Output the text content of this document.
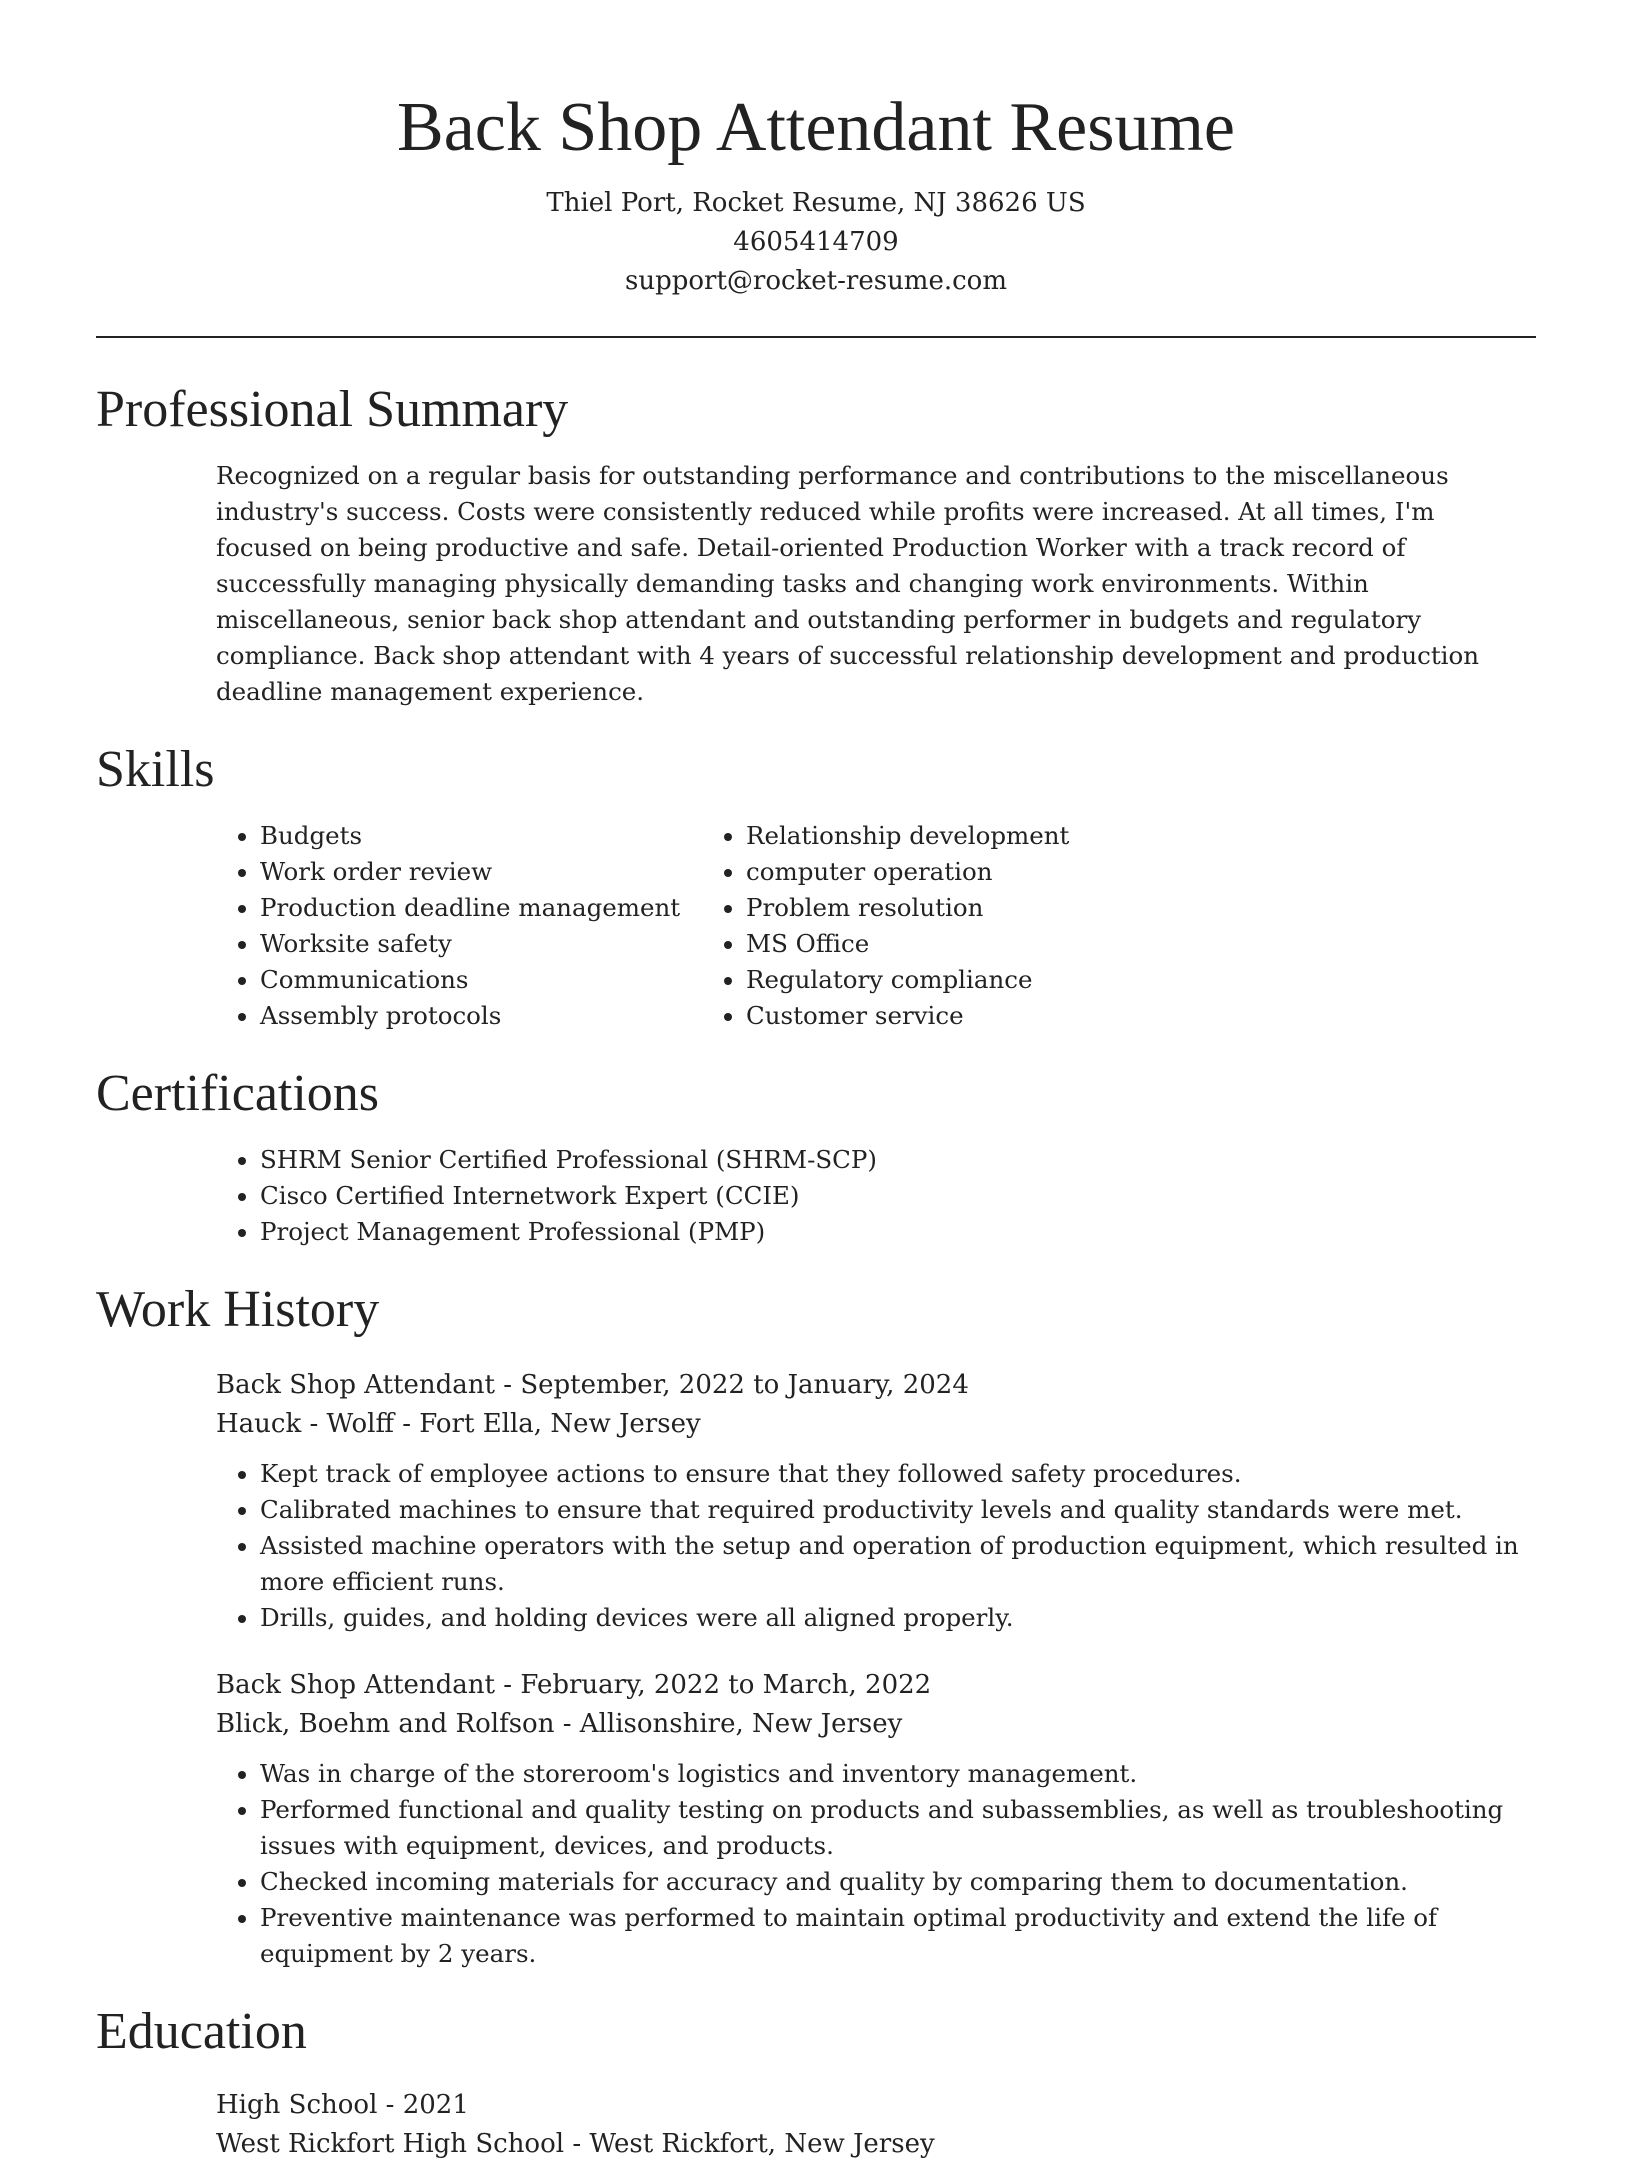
Back Shop Attendant Resume
Thiel Port, Rocket Resume, NJ 38626 US
4605414709
support@rocket-resume.com
Professional Summary

Recognized on a regular basis for outstanding performance and contributions to the miscellaneous industry's success. Costs were consistently reduced while profits were increased. At all times, I'm focused on being productive and safe. Detail-oriented Production Worker with a track record of successfully managing physically demanding tasks and changing work environments. Within miscellaneous, senior back shop attendant and outstanding performer in budgets and regulatory compliance. Back shop attendant with 4 years of successful relationship development and production deadline management experience.

Skills
• Budgets
• Work order review
• Production deadline management
• Worksite safety
• Communications
• Assembly protocols
• Relationship development
• computer operation
• Problem resolution
• MS Office
• Regulatory compliance
• Customer service
Certifications
• SHRM Senior Certified Professional (SHRM-SCP)
• Cisco Certified Internetwork Expert (CCIE)
• Project Management Professional (PMP)
Work History
Back Shop Attendant - September, 2022 to January, 2024
Hauck - Wolff - Fort Ella, New Jersey
• Kept track of employee actions to ensure that they followed safety procedures.
• Calibrated machines to ensure that required productivity levels and quality standards were met.
• Assisted machine operators with the setup and operation of production equipment, which resulted in more efficient runs.
• Drills, guides, and holding devices were all aligned properly.
Back Shop Attendant - February, 2022 to March, 2022
Blick, Boehm and Rolfson - Allisonshire, New Jersey
• Was in charge of the storeroom's logistics and inventory management.
• Performed functional and quality testing on products and subassemblies, as well as troubleshooting issues with equipment, devices, and products.
• Checked incoming materials for accuracy and quality by comparing them to documentation.
• Preventive maintenance was performed to maintain optimal productivity and extend the life of equipment by 2 years.
Education
High School - 2021
West Rickfort High School - West Rickfort, New Jersey
